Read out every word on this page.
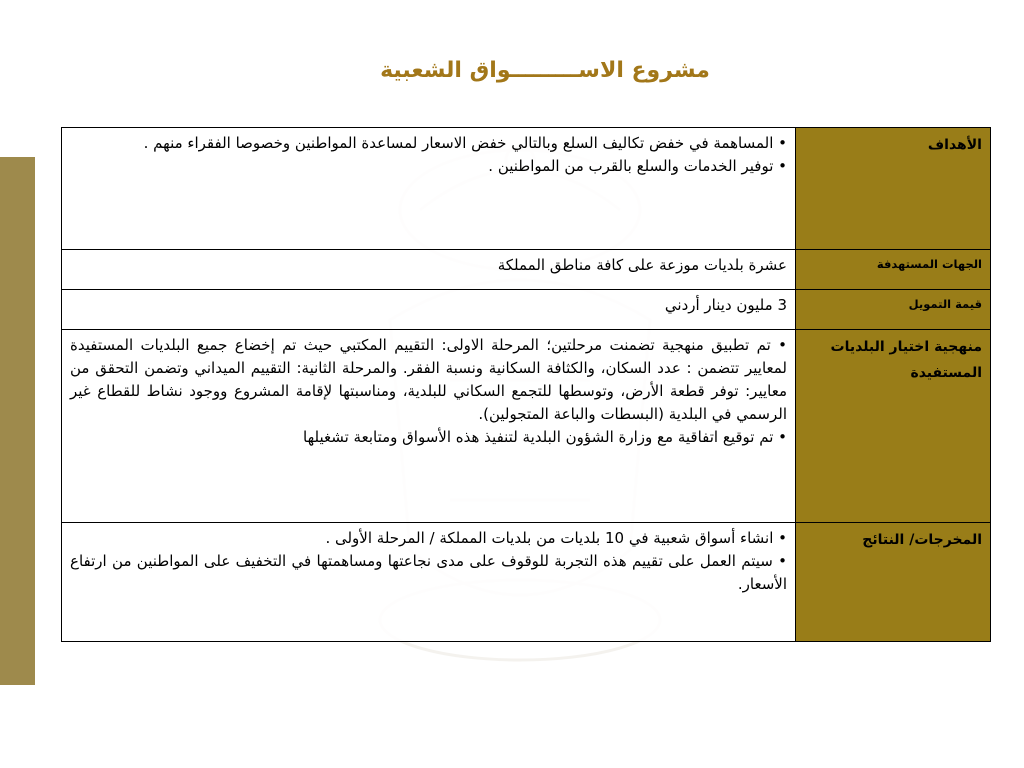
مشروع الاســـــــــواق الشعبية
الأهداف	• المساهمة في خفض تكاليف السلع وبالتالي خفض الاسعار لمساعدة المواطنين وخصوصا الفقراء منهم .

• توفير الخدمات والسلع بالقرب من المواطنين .

الجهات المستهدفة	عشرة بلديات موزعة على كافة مناطق المملكة

قيمة التمويل	3 مليون دينار أردني

منهجية اختيار البلديات المستفيدة	• تم تطبيق منهجية تضمنت مرحلتين؛ المرحلة الاولى: التقييم المكتبي حيث تم إخضاع جميع البلديات المستفيدة لمعايير تتضمن : عدد السكان، والكثافة السكانية ونسبة الفقر. والمرحلة الثانية: التقييم الميداني وتضمن التحقق من معايير: توفر قطعة الأرض، وتوسطها للتجمع السكاني للبلدية، ومناسبتها لإقامة المشروع ووجود نشاط للقطاع غير الرسمي في البلدية (البسطات والباعة المتجولين).

• تم توقيع اتفاقية مع وزارة الشؤون البلدية لتنفيذ هذه الأسواق ومتابعة تشغيلها

المخرجات/ النتائج	• انشاء أسواق شعبية في 10 بلديات من بلديات المملكة / المرحلة الأولى .

• سيتم العمل على تقييم هذه التجربة للوقوف على مدى نجاعتها ومساهمتها في التخفيف على المواطنين من ارتفاع الأسعار.
